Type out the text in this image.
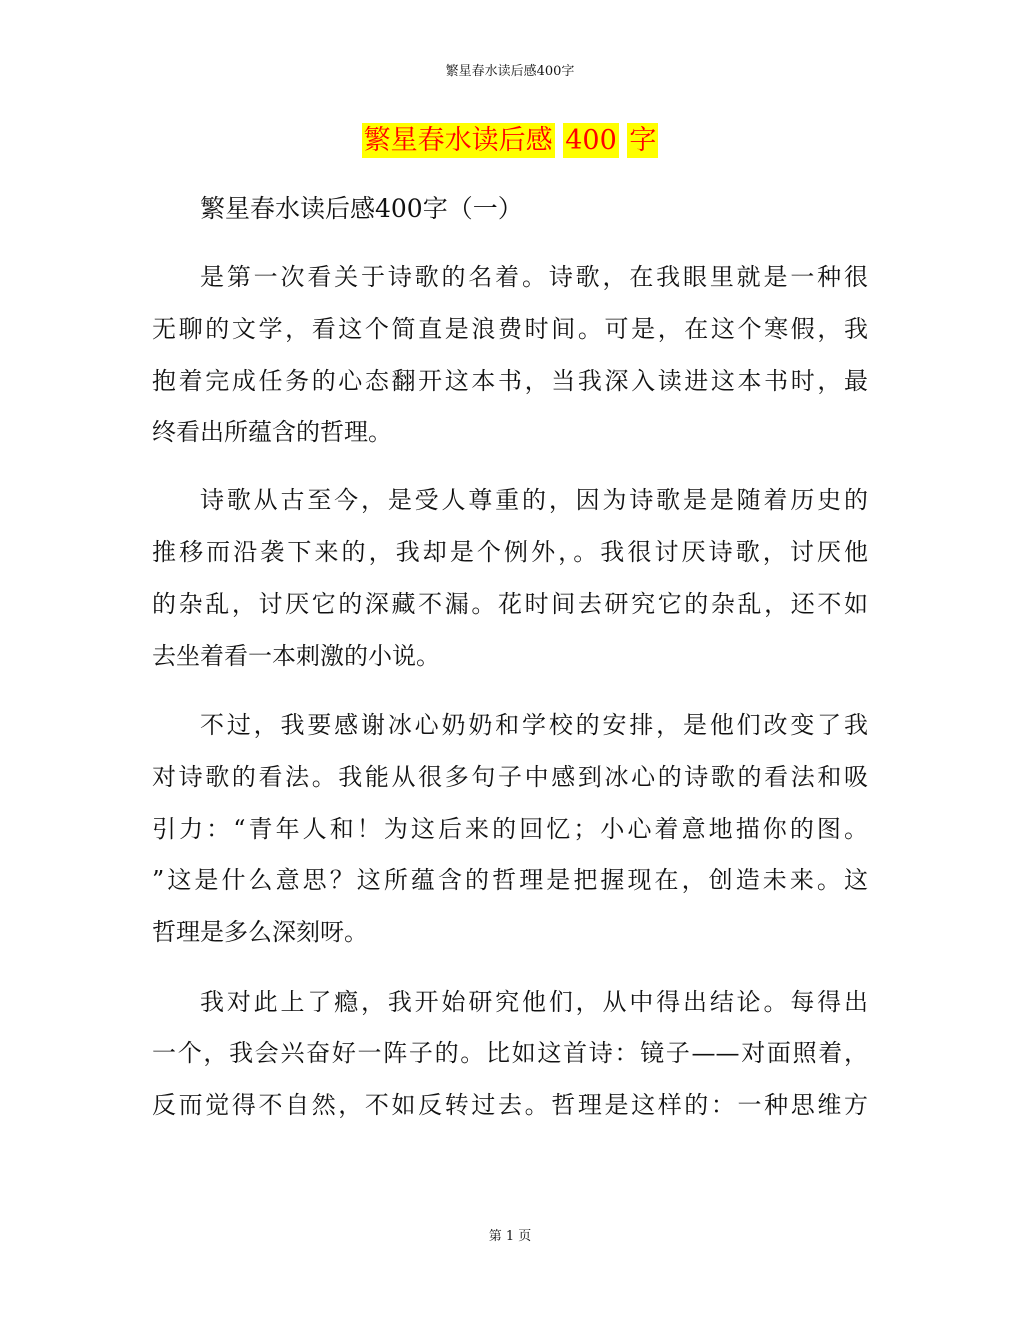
繁星春水读后感400字
繁星春水读后感 400 字
繁星春水读后感400字（一）
是第一次看关于诗歌的名着。诗歌，在我眼里就是一种很
无聊的文学，看这个简直是浪费时间。可是，在这个寒假，我
抱着完成任务的心态翻开这本书，当我深入读进这本书时，最
终看出所蕴含的哲理。
诗歌从古至今，是受人尊重的，因为诗歌是是随着历史的
推移而沿袭下来的，我却是个例外，。我很讨厌诗歌，讨厌他
的杂乱，讨厌它的深藏不漏。花时间去研究它的杂乱，还不如
去坐着看一本刺激的小说。
不过，我要感谢冰心奶奶和学校的安排，是他们改变了我
对诗歌的看法。我能从很多句子中感到冰心的诗歌的看法和吸
引力：“青年人和！为这后来的回忆；小心着意地描你的图。
”这是什么意思？这所蕴含的哲理是把握现在，创造未来。这
哲理是多么深刻呀。
我对此上了瘾，我开始研究他们，从中得出结论。每得出
一个，我会兴奋好一阵子的。比如这首诗：镜子——对面照着，
反而觉得不自然，不如反转过去。哲理是这样的：一种思维方
第 1 页
